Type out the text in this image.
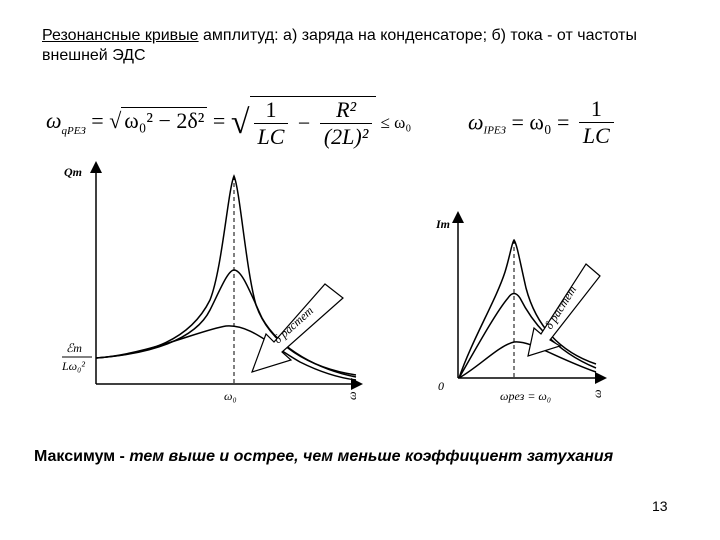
Резонансные кривые амплитуд: а) заряда на конденсаторе; б) тока - от частоты внешней ЭДС
$\omega_{qРЕЗ}$ = √ ω₀² − 2δ² = √ $\frac{1}{LC} - \frac{\text{R²}}{\text{(2L)²}} \le \omega_0$	$\omega_{IРЕЗ} = \omega_0 = \frac{1}{LC}$
δ растет
Qm
ℰm
Lω₀²
ω₀	ω
δ растет
Im
0
ωрез = ω₀	ω
Максимум - тем выше и острее, чем меньше коэффициент затухания
13
